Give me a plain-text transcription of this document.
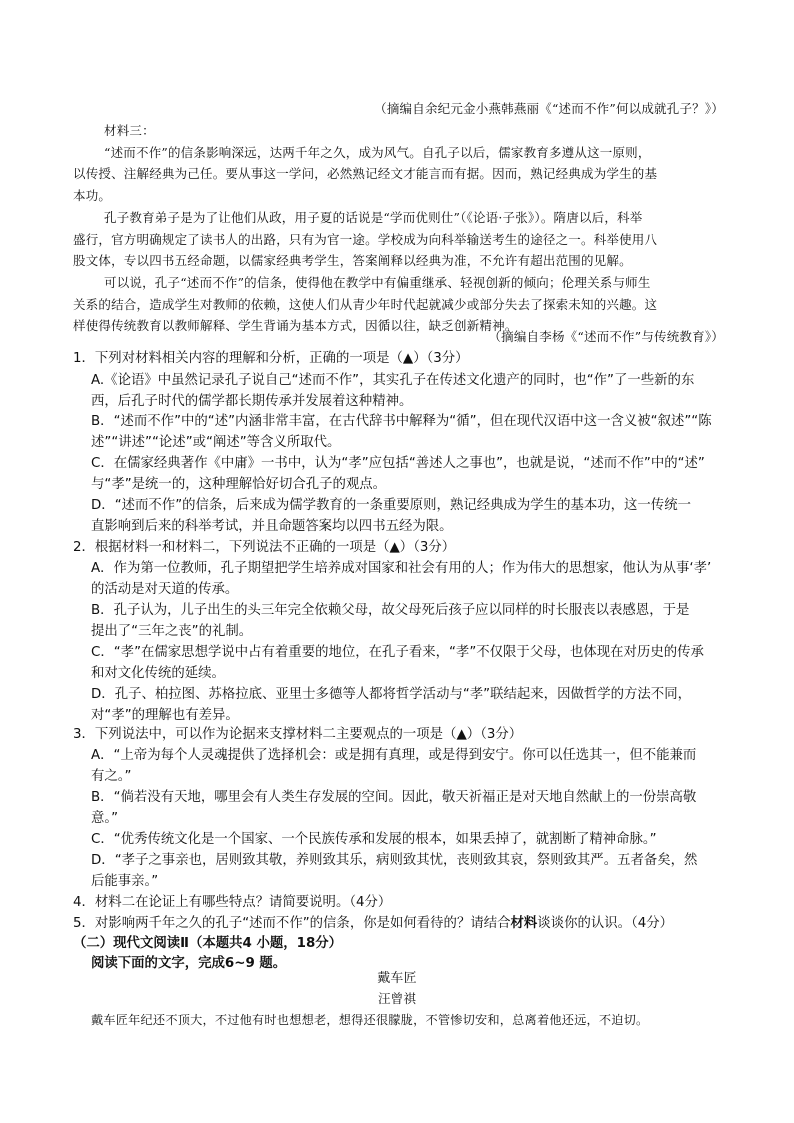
（摘编自余纪元金小燕韩燕丽《“述而不作”何以成就孔子？》）
材料三：
“述而不作”的信条影响深远，达两千年之久，成为风气。自孔子以后，儒家教育多遵从这一原则，
以传授、注解经典为己任。要从事这一学问，必然熟记经文才能言而有据。因而，熟记经典成为学生的基
本功。
孔子教育弟子是为了让他们从政，用子夏的话说是“学而优则仕”（《论语·子张》）。隋唐以后，科举
盛行，官方明确规定了读书人的出路，只有为官一途。学校成为向科举输送考生的途径之一。科举使用八
股文体，专以四书五经命题，以儒家经典考学生，答案阐释以经典为准，不允许有超出范围的见解。
可以说，孔子“述而不作”的信条，使得他在教学中有偏重继承、轻视创新的倾向；伦理关系与师生
关系的结合，造成学生对教师的依赖，这使人们从青少年时代起就减少或部分失去了探索未知的兴趣。这
样使得传统教育以教师解释、学生背诵为基本方式，因循以往，缺乏创新精神。
（摘编自李杨《“述而不作”与传统教育》）
1．下列对材料相关内容的理解和分析，正确的一项是（▲）（3分）
A.《论语》中虽然记录孔子说自己“述而不作”，其实孔子在传述文化遗产的同时，也“作”了一些新的东
西，后孔子时代的儒学都长期传承并发展着这种精神。
B．“述而不作”中的“述”内涵非常丰富，在古代辞书中解释为“循”，但在现代汉语中这一含义被“叙述”“陈
述”“讲述”“论述”或“阐述”等含义所取代。
C．在儒家经典著作《中庸》一书中，认为“孝”应包括“善述人之事也”，也就是说，“述而不作”中的“述”
与“孝”是统一的，这种理解恰好切合孔子的观点。
D．“述而不作”的信条，后来成为儒学教育的一条重要原则，熟记经典成为学生的基本功，这一传统一
直影响到后来的科举考试，并且命题答案均以四书五经为限。
2．根据材料一和材料二，下列说法不正确的一项是（▲）（3分）
A．作为第一位教师，孔子期望把学生培养成对国家和社会有用的人；作为伟大的思想家，他认为从事‘孝’
的活动是对天道的传承。
B．孔子认为，儿子出生的头三年完全依赖父母，故父母死后孩子应以同样的时长服丧以表感恩，于是
提出了“三年之丧”的礼制。
C．“孝”在儒家思想学说中占有着重要的地位，在孔子看来，“孝”不仅限于父母，也体现在对历史的传承
和对文化传统的延续。
D．孔子、柏拉图、苏格拉底、亚里士多德等人都将哲学活动与“孝”联结起来，因做哲学的方法不同，
对“孝”的理解也有差异。
3．下列说法中，可以作为论据来支撑材料二主要观点的一项是（▲）（3分）
A．“上帝为每个人灵魂提供了选择机会：或是拥有真理，或是得到安宁。你可以任选其一，但不能兼而
有之。”
B．“倘若没有天地，哪里会有人类生存发展的空间。因此，敬天祈福正是对天地自然献上的一份崇高敬
意。”
C．“优秀传统文化是一个国家、一个民族传承和发展的根本，如果丢掉了，就割断了精神命脉。”
D．“孝子之事亲也，居则致其敬，养则致其乐，病则致其忧，丧则致其哀，祭则致其严。五者备矣，然
后能事亲。”
4．材料二在论证上有哪些特点？请简要说明。（4分）
5．对影响两千年之久的孔子“述而不作”的信条，你是如何看待的？请结合材料谈谈你的认识。（4分）
（二）现代文阅读Ⅱ（本题共4 小题，18分）
阅读下面的文字，完成6~9 题。
戴车匠
汪曾祺
戴车匠年纪还不顶大，不过他有时也想想老，想得还很朦胧，不管惨切安和，总离着他还远，不迫切。
